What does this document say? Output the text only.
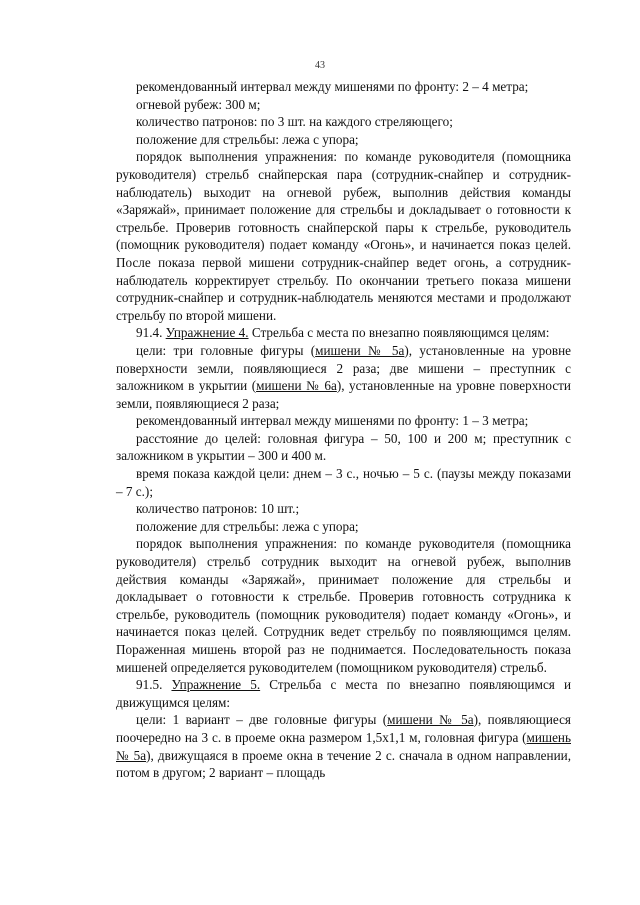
43

рекомендованный интервал между мишенями по фронту: 2 – 4 метра;

огневой рубеж: 300 м;

количество патронов: по 3 шт. на каждого стреляющего;

положение для стрельбы: лежа с упора;

порядок выполнения упражнения: по команде руководителя (помощника руководителя) стрельб снайперская пара (сотрудник-снайпер и сотрудник-наблюдатель) выходит на огневой рубеж, выполнив действия команды «Заряжай», принимает положение для стрельбы и докладывает о готовности к стрельбе. Проверив готовность снайперской пары к стрельбе, руководитель (помощник руководителя) подает команду «Огонь», и начинается показ целей. После показа первой мишени сотрудник-снайпер ведет огонь, а сотрудник-наблюдатель корректирует стрельбу. По окончании третьего показа мишени сотрудник-снайпер и сотрудник-наблюдатель меняются местами и продолжают стрельбу по второй мишени.

91.4. Упражнение 4. Стрельба с места по внезапно появляющимся целям:

цели: три головные фигуры (мишени № 5а), установленные на уровне поверхности земли, появляющиеся 2 раза; две мишени – преступник с заложником в укрытии (мишени № 6а), установленные на уровне поверхности земли, появляющиеся 2 раза;

рекомендованный интервал между мишенями по фронту: 1 – 3 метра;

расстояние до целей: головная фигура – 50, 100 и 200 м; преступник с заложником в укрытии – 300 и 400 м.

время показа каждой цели: днем – 3 с., ночью – 5 с. (паузы между показами – 7 с.);

количество патронов: 10 шт.;

положение для стрельбы: лежа с упора;

порядок выполнения упражнения: по команде руководителя (помощника руководителя) стрельб сотрудник выходит на огневой рубеж, выполнив действия команды «Заряжай», принимает положение для стрельбы и докладывает о готовности к стрельбе. Проверив готовность сотрудника к стрельбе, руководитель (помощник руководителя) подает команду «Огонь», и начинается показ целей. Сотрудник ведет стрельбу по появляющимся целям. Пораженная мишень второй раз не поднимается. Последовательность показа мишеней определяется руководителем (помощником руководителя) стрельб.

91.5. Упражнение 5. Стрельба с места по внезапно появляющимся и движущимся целям:

цели: 1 вариант – две головные фигуры (мишени № 5а), появляющиеся поочередно на 3 с. в проеме окна размером 1,5х1,1 м, головная фигура (мишень № 5а), движущаяся в проеме окна в течение 2 с. сначала в одном направлении, потом в другом; 2 вариант – площадь
